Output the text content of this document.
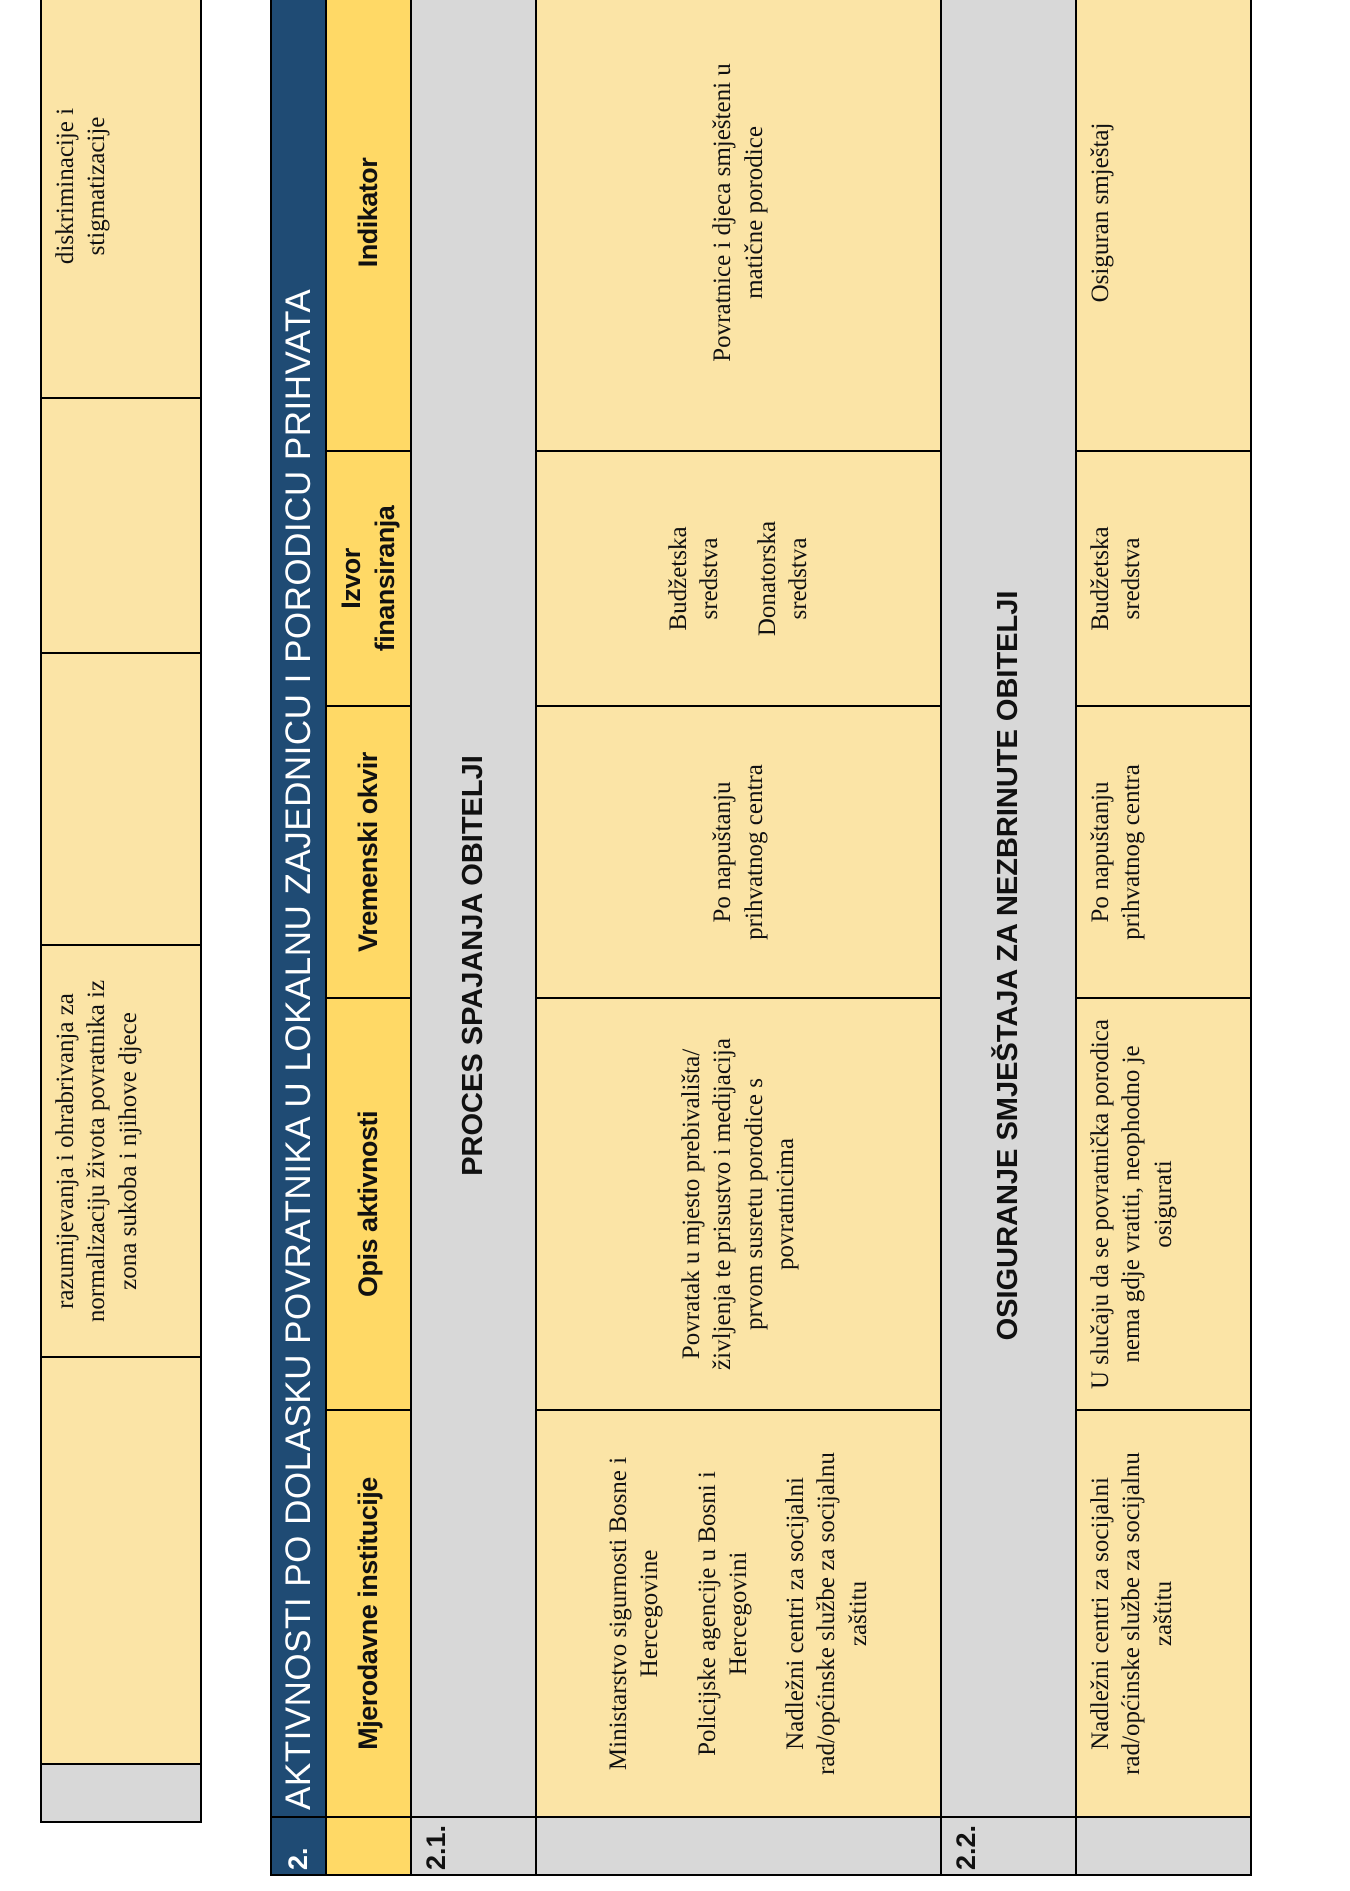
		razumijevanja i ohrabrivanja za normalizaciju života povratnika iz zona sukoba i njihove djece			diskriminacije i stigmatizacije
2.	AKTIVNOSTI PO DOLASKU POVRATNIKA U LOKALNU ZAJEDNICU I PORODICU PRIHVATA				
	Mjerodavne institucije	Opis aktivnosti	Vremenski okvir	Izvor finansiranja	Indikator
2.1.	PROCES SPAJANJA OBITELJI				

	Ministarstvo sigurnosti Bosne i Hercegovine Policijske agencije u Bosni i Hercegovini Nadležni centri za socijalni rad/općinske službe za socijalnu zaštitu	Povratak u mjesto prebivališta/življenja te prisustvo i medijacija prvom susretu porodice s povratnicima	Po napuštanju prihvatnog centra	Budžetska sredstva Donatorska sredstva	Povratnice i djeca smješteni u matične porodice
2.2.	OSIGURANJE SMJEŠTAJA ZA NEZBRINUTE OBITELJI				

	Nadležni centri za socijalni rad/općinske službe za socijalnu zaštitu	U slučaju da se povratnička porodica nema gdje vratiti, neophodno je osigurati	Po napuštanju prihvatnog centra	Budžetska sredstva	Osiguran smještaj
